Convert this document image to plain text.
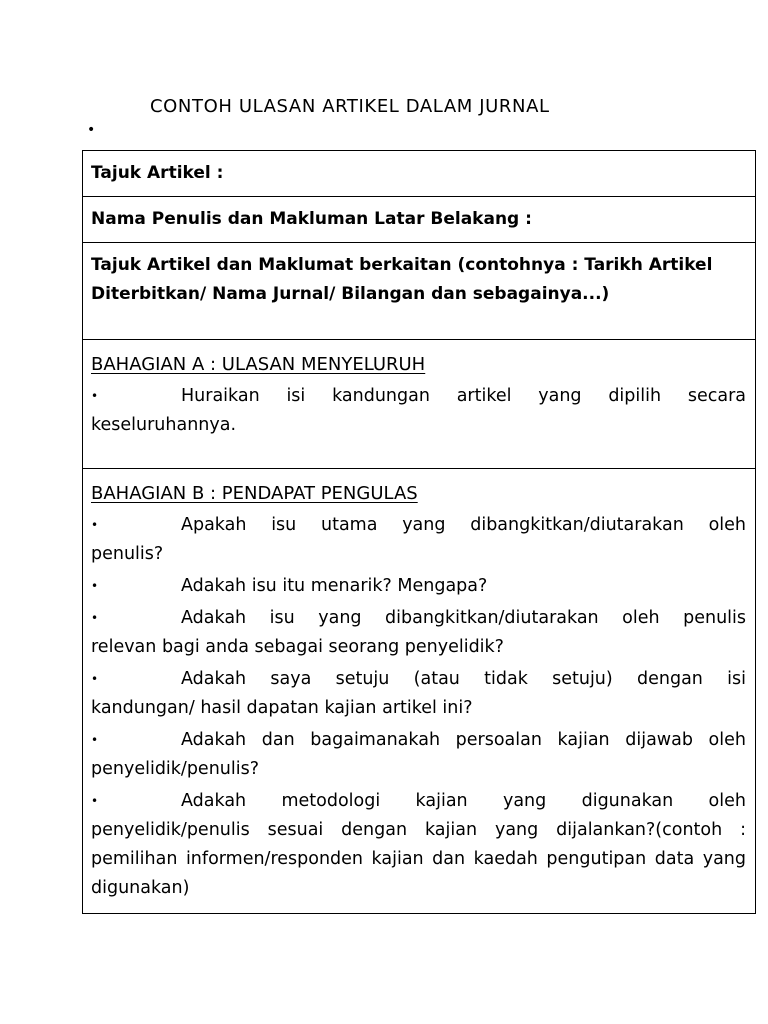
CONTOH ULASAN ARTIKEL DALAM JURNAL
•
Tajuk Artikel :
Nama Penulis dan Makluman Latar Belakang :
Tajuk Artikel dan Maklumat berkaitan (contohnya : Tarikh Artikel Diterbitkan/ Nama Jurnal/ Bilangan dan sebagainya...)

BAHAGIAN A : ULASAN MENYELURUH
• Huraikan isi kandungan artikel yang dipilih secara
keseluruhannya.

BAHAGIAN B : PENDAPAT PENGULAS
• Apakah isu utama yang dibangkitkan/diutarakan oleh
penulis?
• Adakah isu itu menarik? Mengapa?
• Adakah isu yang dibangkitkan/diutarakan oleh penulis
relevan bagi anda sebagai seorang penyelidik?
• Adakah saya setuju (atau tidak setuju) dengan isi
kandungan/ hasil dapatan kajian artikel ini?
• Adakah dan bagaimanakah persoalan kajian dijawab oleh
penyelidik/penulis?
• Adakah metodologi kajian yang digunakan oleh
penyelidik/penulis sesuai dengan kajian yang dijalankan?(contoh : pemilihan informen/responden kajian dan kaedah pengutipan data yang digunakan)
